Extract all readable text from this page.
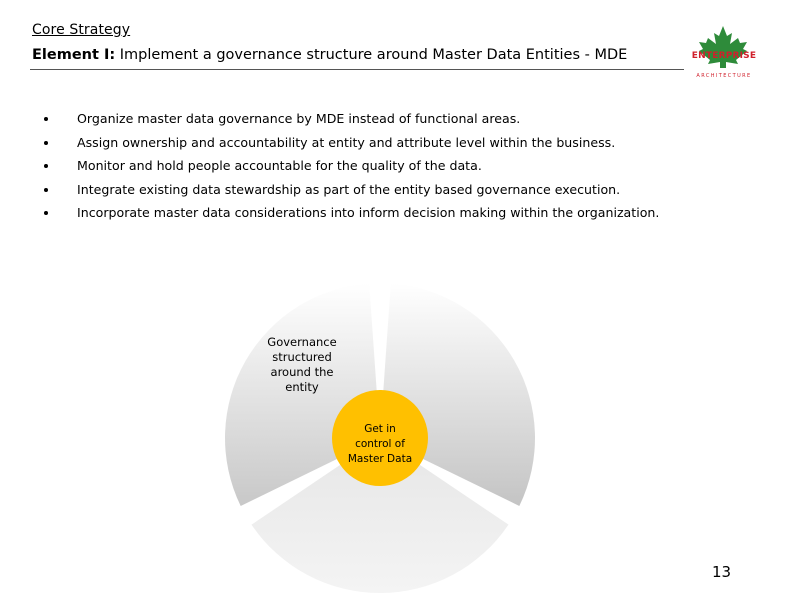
Core Strategy
Element I: Implement a governance structure around Master Data Entities - MDE	ENTERPRISE
ARCHITECTURE
Organize master data governance by MDE instead of functional areas.
Assign ownership and accountability at entity and attribute level within the business.
Monitor and hold people accountable for the quality of the data.
Integrate existing data stewardship as part of the entity based governance execution.
Incorporate master data considerations into inform decision making within the organization.
Governance
structured
around the
entity
Get in
control of
Master Data
13
